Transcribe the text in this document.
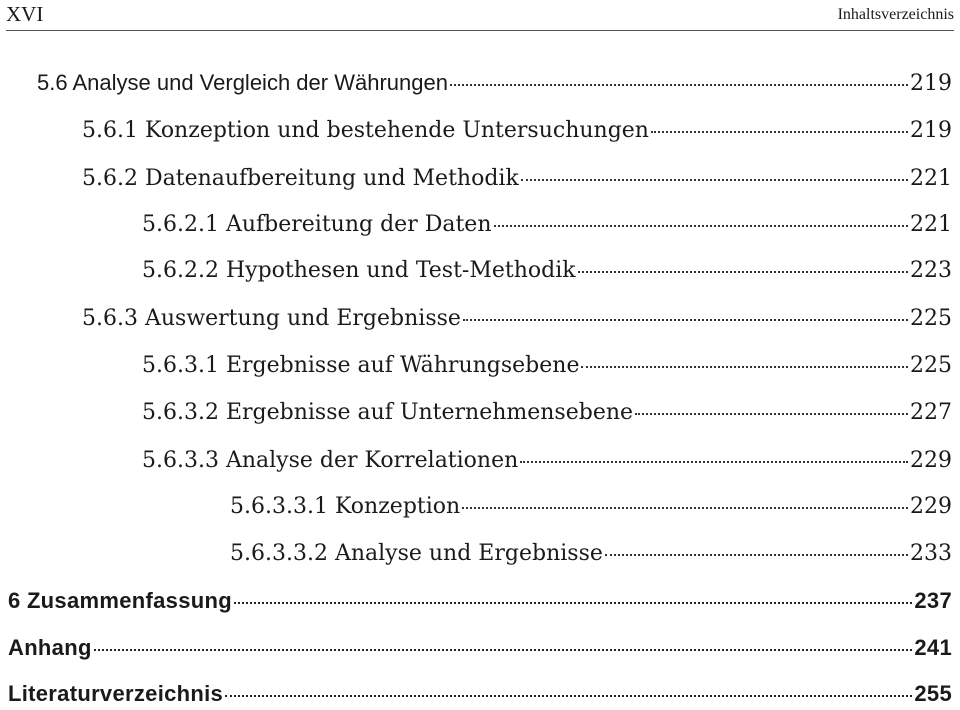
XVI	Inhaltsverzeichnis
5.6 Analyse und Vergleich der Währungen	219
5.6.1 Konzeption und bestehende Untersuchungen	219
5.6.2 Datenaufbereitung und Methodik	221
5.6.2.1 Aufbereitung der Daten	221
5.6.2.2 Hypothesen und Test-Methodik	223
5.6.3 Auswertung und Ergebnisse	225
5.6.3.1 Ergebnisse auf Währungsebene	225
5.6.3.2 Ergebnisse auf Unternehmensebene	227
5.6.3.3 Analyse der Korrelationen	229
5.6.3.3.1 Konzeption	229
5.6.3.3.2 Analyse und Ergebnisse	233
6 Zusammenfassung	237
Anhang	241
Literaturverzeichnis	255
